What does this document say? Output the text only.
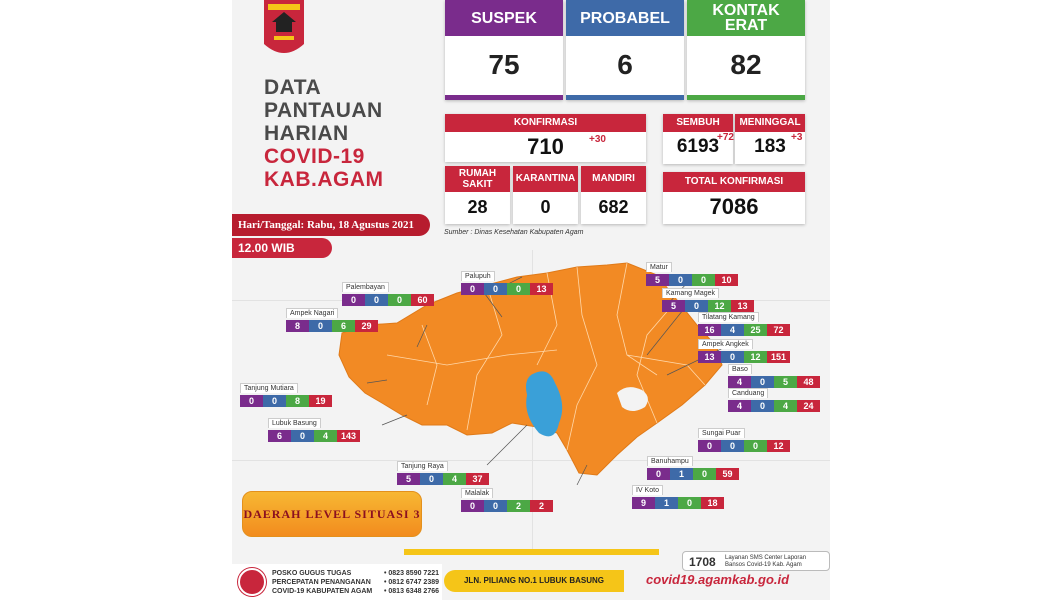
DATA
PANTAUAN
HARIAN
COVID-19
KAB.AGAM
Hari/Tanggal: Rabu, 18 Agustus 2021
12.00 WIB
SUSPEK
75
PROBABEL
6
KONTAK ERAT
82
KONFIRMASI
710	+30
SEMBUH
6193
+72
MENINGGAL
183 +3
RUMAH SAKIT
28
KARANTINA
0
MANDIRI
682
TOTAL KONFIRMASI
7086
Sumber : Dinas Kesehatan Kabupaten Agam
Palupuh
0	0	0	13
Palembayan
0	0	0	60
Ampek Nagari
8	0	6	29
Tanjung Mutiara
0	0	8	19
Lubuk Basung
6	0	4	143
Tanjung Raya
5	0	4	37
Malalak
0	0	2	2
Matur
5	0	0	10
Kamang Magek
5	0	12	13
Tilatang Kamang
16	4	25	72
Ampek Angkek
13	0	12	151
Baso
4	0	5	48
Canduang
4	0	4	24
Sungai Puar
0	0	0	12
Banuhampu
0	1	0	59
IV Koto
9	1	0	18
DAERAH LEVEL SITUASI 3
POSKO GUGUS TUGAS
PERCEPATAN PENANGANAN
COVID-19 KABUPATEN AGAM
• 0823 8590 7221
• 0812 6747 2389
• 0813 6348 2766
JLN. PILIANG NO.1 LUBUK BASUNG
1708 Layanan SMS Center Laporan
Bansos Covid-19 Kab. Agam
covid19.agamkab.go.id
